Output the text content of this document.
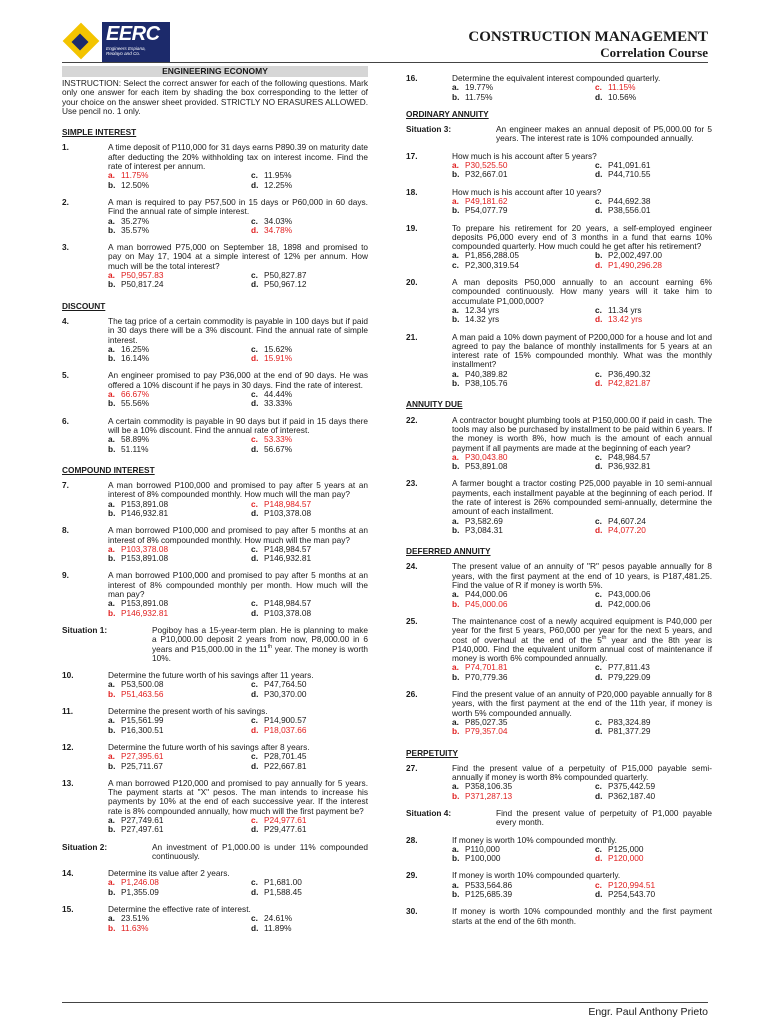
EERC
Engineers Espiana,
Reolayo and Co.
CONSTRUCTION MANAGEMENT
Correlation Course
ENGINEERING ECONOMY
INSTRUCTION: Select the correct answer for each of the following questions. Mark only one answer for each item by shading the box corresponding to the letter of your choice on the answer sheet provided. STRICTLY NO ERASURES ALLOWED. Use pencil no. 1 only.
SIMPLE INTEREST
1.	A time deposit of P110,000 for 31 days earns P890.39 on maturity date after deducting the 20% withholding tax on interest income. Find the rate of interest per annum.
a. 11.75%	c. 11.95%
b. 12.50%	d. 12.25%
2.	A man is required to pay P57,500 in 15 days or P60,000 in 60 days. Find the annual rate of simple interest.
a. 35.27%	c. 34.03%
b. 35.57%	d. 34.78%
3.	A man borrowed P75,000 on September 18, 1898 and promised to pay on May 17, 1904 at a simple interest of 12% per annum. How much will be the total interest?
a. P50,957.83	c. P50,827.87
b. P50,817.24	d. P50,967.12
DISCOUNT
4.	The tag price of a certain commodity is payable in 100 days but if paid in 30 days there will be a 3% discount. Find the annual rate of simple interest.
a. 16.25%	c. 15.62%
b. 16.14%	d. 15.91%
5.	An engineer promised to pay P36,000 at the end of 90 days. He was offered a 10% discount if he pays in 30 days. Find the rate of interest.
a. 66.67%	c. 44.44%
b. 55.56%	d. 33.33%
6.	A certain commodity is payable in 90 days but if paid in 15 days there will be a 10% discount. Find the annual rate of interest.
a. 58.89%	c. 53.33%
b. 51.11%	d. 56.67%
COMPOUND INTEREST
7.	A man borrowed P100,000 and promised to pay after 5 years at an interest of 8% compounded monthly. How much will the man pay?
a. P153,891.08	c. P148,984.57
b. P146,932.81	d. P103,378.08
8.	A man borrowed P100,000 and promised to pay after 5 months at an interest of 8% compounded monthly. How much will the man pay?
a. P103,378.08	c. P148,984.57
b. P153,891.08	d. P146,932.81
9.	A man borrowed P100,000 and promised to pay after 5 months at an interest of 8% compounded monthly per month. How much will the man pay?
a. P153,891.08	c. P148,984.57
b. P146,932.81	d. P103,378.08
Situation 1:	Pogiboy has a 15-year-term plan. He is planning to make a P10,000.00 deposit 2 years from now, P8,000.00 in 6 years and P15,000.00 in the 11th year. The money is worth 10%.
10.	Determine the future worth of his savings after 11 years.
a. P53,500.08	c. P47,764.50
b. P51,463.56	d. P30,370.00
11.	Determine the present worth of his savings.
a. P15,561.99	c. P14,900.57
b. P16,300.51	d. P18,037.66
12.	Determine the future worth of his savings after 8 years.
a. P27,395.61	c. P28,701.45
b. P25,711.67	d. P22,667.81
13.	A man borrowed P120,000 and promised to pay annually for 5 years. The payment starts at "X" pesos. The man intends to increase his payments by 10% at the end of each successive year. If the interest rate is 8% compounded annually, how much will the first payment be?
a. P27,749.61	c. P24,977.61
b. P27,497.61	d. P29,477.61
Situation 2:	An investment of P1,000.00 is under 11% compounded continuously.
14.	Determine its value after 2 years.
a. P1,246.08	c. P1,681.00
b. P1,355.09	d. P1,588.45
15.	Determine the effective rate of interest.
a. 23.51%	c. 24.61%
b. 11.63%	d. 11.89%
16.	Determine the equivalent interest compounded quarterly.
a. 19.77%	c. 11.15%
b. 11.75%	d. 10.56%
ORDINARY ANNUITY
Situation 3:	An engineer makes an annual deposit of P5,000.00 for 5 years. The interest rate is 10% compounded annually.
17.	How much is his account after 5 years?
a. P30,525.50	c. P41,091.61
b. P32,667.01	d. P44,710.55
18.	How much is his account after 10 years?
a. P49,181.62	c. P44,692.38
b. P54,077.79	d. P38,556.01
19.	To prepare his retirement for 20 years, a self-employed engineer deposits P6,000 every end of 3 months in a fund that earns 10% compounded quarterly. How much could he get after his retirement?
a. P1,856,288.05	b. P2,002,497.00
c. P2,300,319.54	d. P1,490,296.28
20.	A man deposits P50,000 annually to an account earning 6% compounded continuously. How many years will it take him to accumulate P1,000,000?
a. 12.34 yrs	c. 11.34 yrs
b. 14.32 yrs	d. 13.42 yrs
21.	A man paid a 10% down payment of P200,000 for a house and lot and agreed to pay the balance of monthly installments for 5 years at an interest rate of 15% compounded monthly. What was the monthly installment?
a. P40,389.82	c. P36,490.32
b. P38,105.76	d. P42,821.87
ANNUITY DUE
22.	A contractor bought plumbing tools at P150,000.00 if paid in cash. The tools may also be purchased by installment to be paid within 6 years. If the money is worth 8%, how much is the amount of each annual payment if all payments are made at the beginning of each year?
a. P30,043.80	c. P48,984.57
b. P53,891.08	d. P36,932.81
23.	A farmer bought a tractor costing P25,000 payable in 10 semi-annual payments, each installment payable at the beginning of each period. If the rate of interest is 26% compounded semi-annually, determine the amount of each installment.
a. P3,582.69	c. P4,607.24
b. P3,084.31	d. P4,077.20
DEFERRED ANNUITY
24.	The present value of an annuity of "R" pesos payable annually for 8 years, with the first payment at the end of 10 years, is P187,481.25. Find the value of R if money is worth 5%.
a. P44,000.06	c. P43,000.06
b. P45,000.06	d. P42,000.06
25.	The maintenance cost of a newly acquired equipment is P40,000 per year for the first 5 years, P60,000 per year for the next 5 years, and cost of overhaul at the end of the 5th year and the 8th year is P140,000. Find the equivalent uniform annual cost of maintenance if money is worth 6% compounded annually.
a. P74,701.81	c. P77,811.43
b. P70,779.36	d. P79,229.09
26.	Find the present value of an annuity of P20,000 payable annually for 8 years, with the first payment at the end of the 11th year, if money is worth 5% compounded annually.
a. P85,027.35	c. P83,324.89
b. P79,357.04	d. P81,377.29
PERPETUITY
27.	Find the present value of a perpetuity of P15,000 payable semi-annually if money is worth 8% compounded quarterly.
a. P358,106.35	c. P375,442.59
b. P371,287.13	d. P362,187.40
Situation 4:	Find the present value of perpetuity of P1,000 payable every month.
28.	If money is worth 10% compounded monthly.
a. P110,000	c. P125,000
b. P100,000	d. P120,000
29.	If money is worth 10% compounded quarterly.
a. P533,564.86	c. P120,994.51
b. P125,685.39	d. P254,543.70
30.	If money is worth 10% compounded monthly and the first payment starts at the end of the 6th month.
Engr. Paul Anthony Prieto
